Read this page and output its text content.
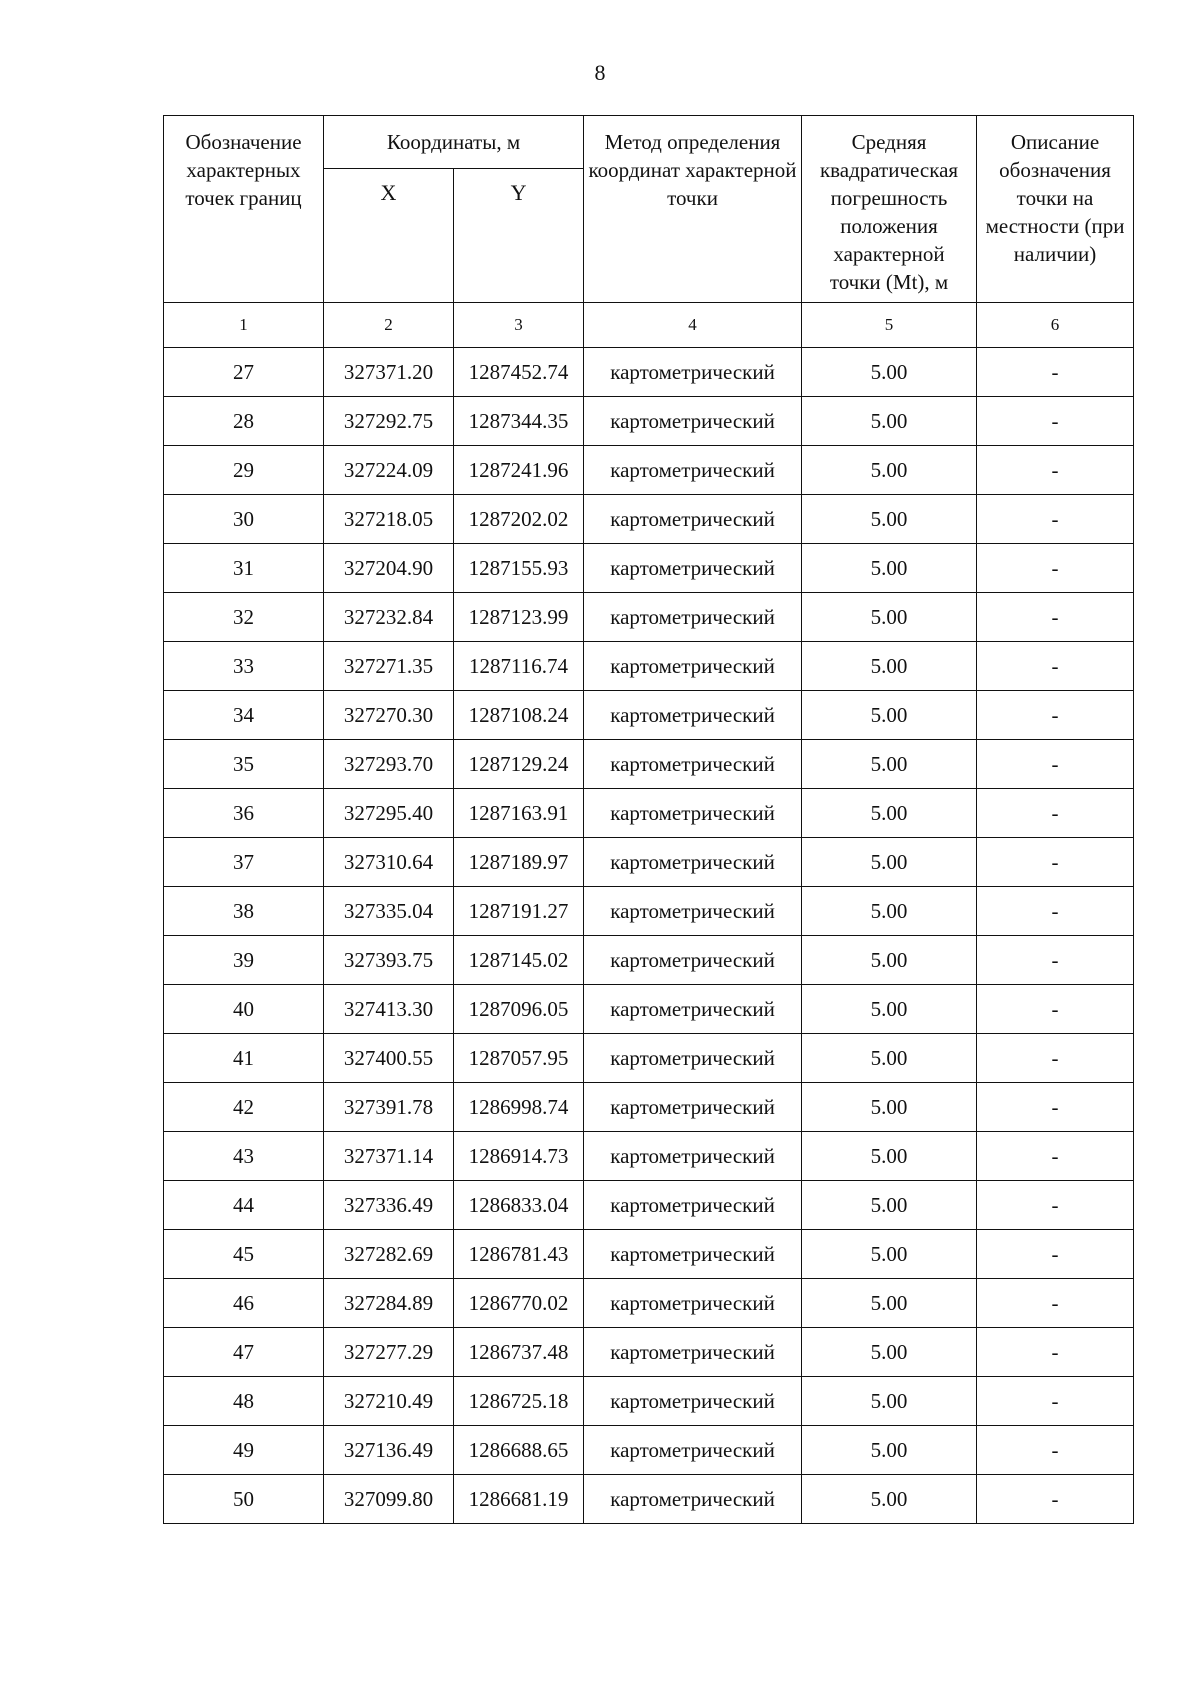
8
Обозначение характерных точек границ	Координаты, м		Метод определения координат характерной точки	Средняя квадратическая погрешность положения характерной точки (Mt), м	Описание обозначения точки на местности (при наличии)
	X	Y			
1	2	3	4	5	6
27	327371.20	1287452.74	картометрический	5.00	-
28	327292.75	1287344.35	картометрический	5.00	-
29	327224.09	1287241.96	картометрический	5.00	-
30	327218.05	1287202.02	картометрический	5.00	-
31	327204.90	1287155.93	картометрический	5.00	-
32	327232.84	1287123.99	картометрический	5.00	-
33	327271.35	1287116.74	картометрический	5.00	-
34	327270.30	1287108.24	картометрический	5.00	-
35	327293.70	1287129.24	картометрический	5.00	-
36	327295.40	1287163.91	картометрический	5.00	-
37	327310.64	1287189.97	картометрический	5.00	-
38	327335.04	1287191.27	картометрический	5.00	-
39	327393.75	1287145.02	картометрический	5.00	-
40	327413.30	1287096.05	картометрический	5.00	-
41	327400.55	1287057.95	картометрический	5.00	-
42	327391.78	1286998.74	картометрический	5.00	-
43	327371.14	1286914.73	картометрический	5.00	-
44	327336.49	1286833.04	картометрический	5.00	-
45	327282.69	1286781.43	картометрический	5.00	-
46	327284.89	1286770.02	картометрический	5.00	-
47	327277.29	1286737.48	картометрический	5.00	-
48	327210.49	1286725.18	картометрический	5.00	-
49	327136.49	1286688.65	картометрический	5.00	-
50	327099.80	1286681.19	картометрический	5.00	-
